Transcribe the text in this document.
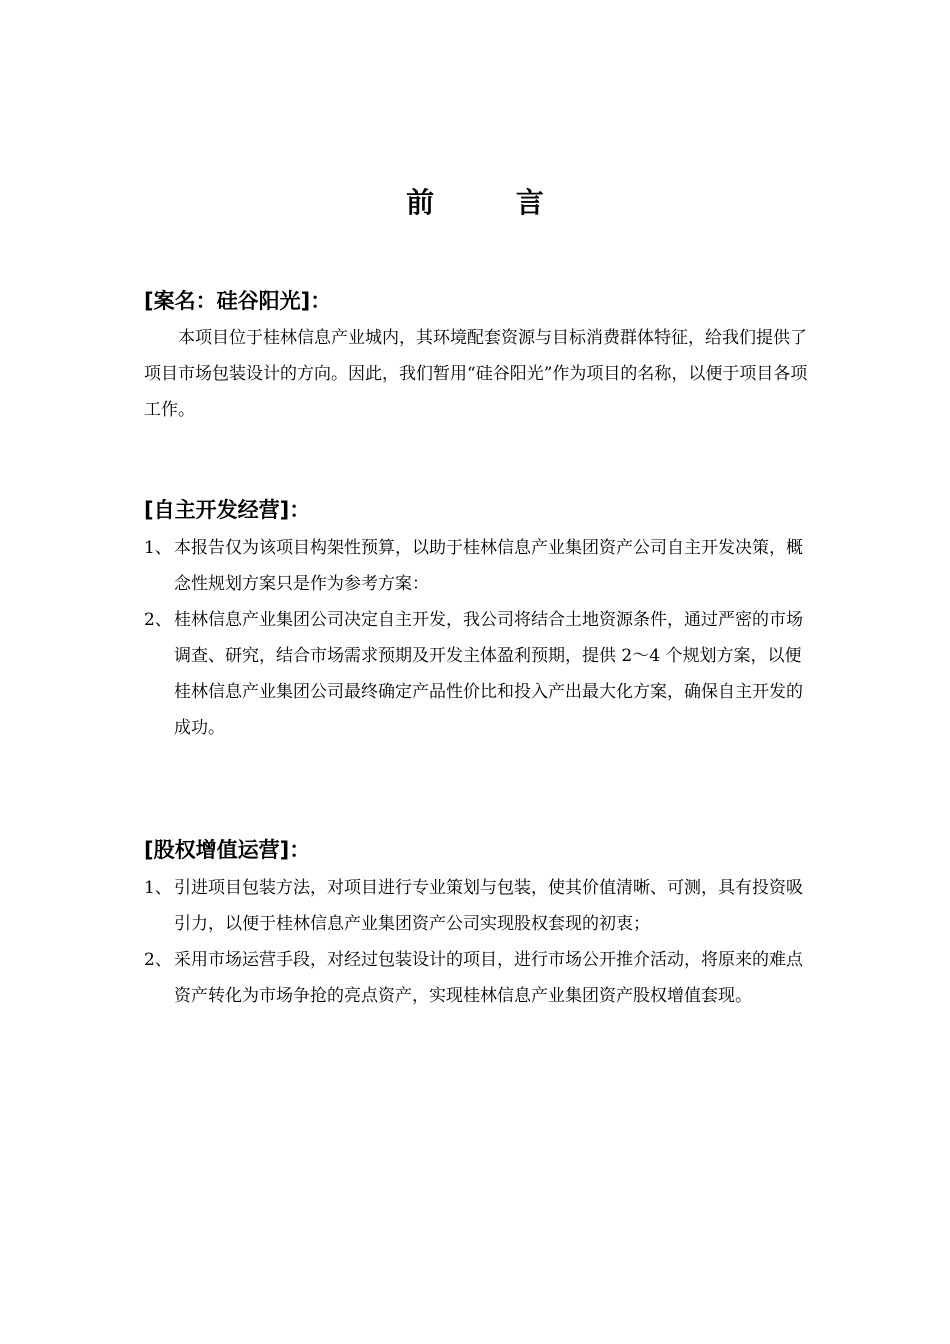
前 言
[案名：硅谷阳光]：
本项目位于桂林信息产业城内，其环境配套资源与目标消费群体特征，给我们提供了项目市场包装设计的方向。因此，我们暂用“硅谷阳光”作为项目的名称，以便于项目各项工作。
[自主开发经营]：
1、 本报告仅为该项目构架性预算，以助于桂林信息产业集团资产公司自主开发决策，概念性规划方案只是作为参考方案：
2、 桂林信息产业集团公司决定自主开发，我公司将结合土地资源条件，通过严密的市场调查、研究，结合市场需求预期及开发主体盈利预期，提供 2～4 个规划方案，以便桂林信息产业集团公司最终确定产品性价比和投入产出最大化方案，确保自主开发的成功。
[股权增值运营]：
1、 引进项目包装方法，对项目进行专业策划与包装，使其价值清晰、可测，具有投资吸引力，以便于桂林信息产业集团资产公司实现股权套现的初衷；
2、 采用市场运营手段，对经过包装设计的项目，进行市场公开推介活动，将原来的难点资产转化为市场争抢的亮点资产，实现桂林信息产业集团资产股权增值套现。
